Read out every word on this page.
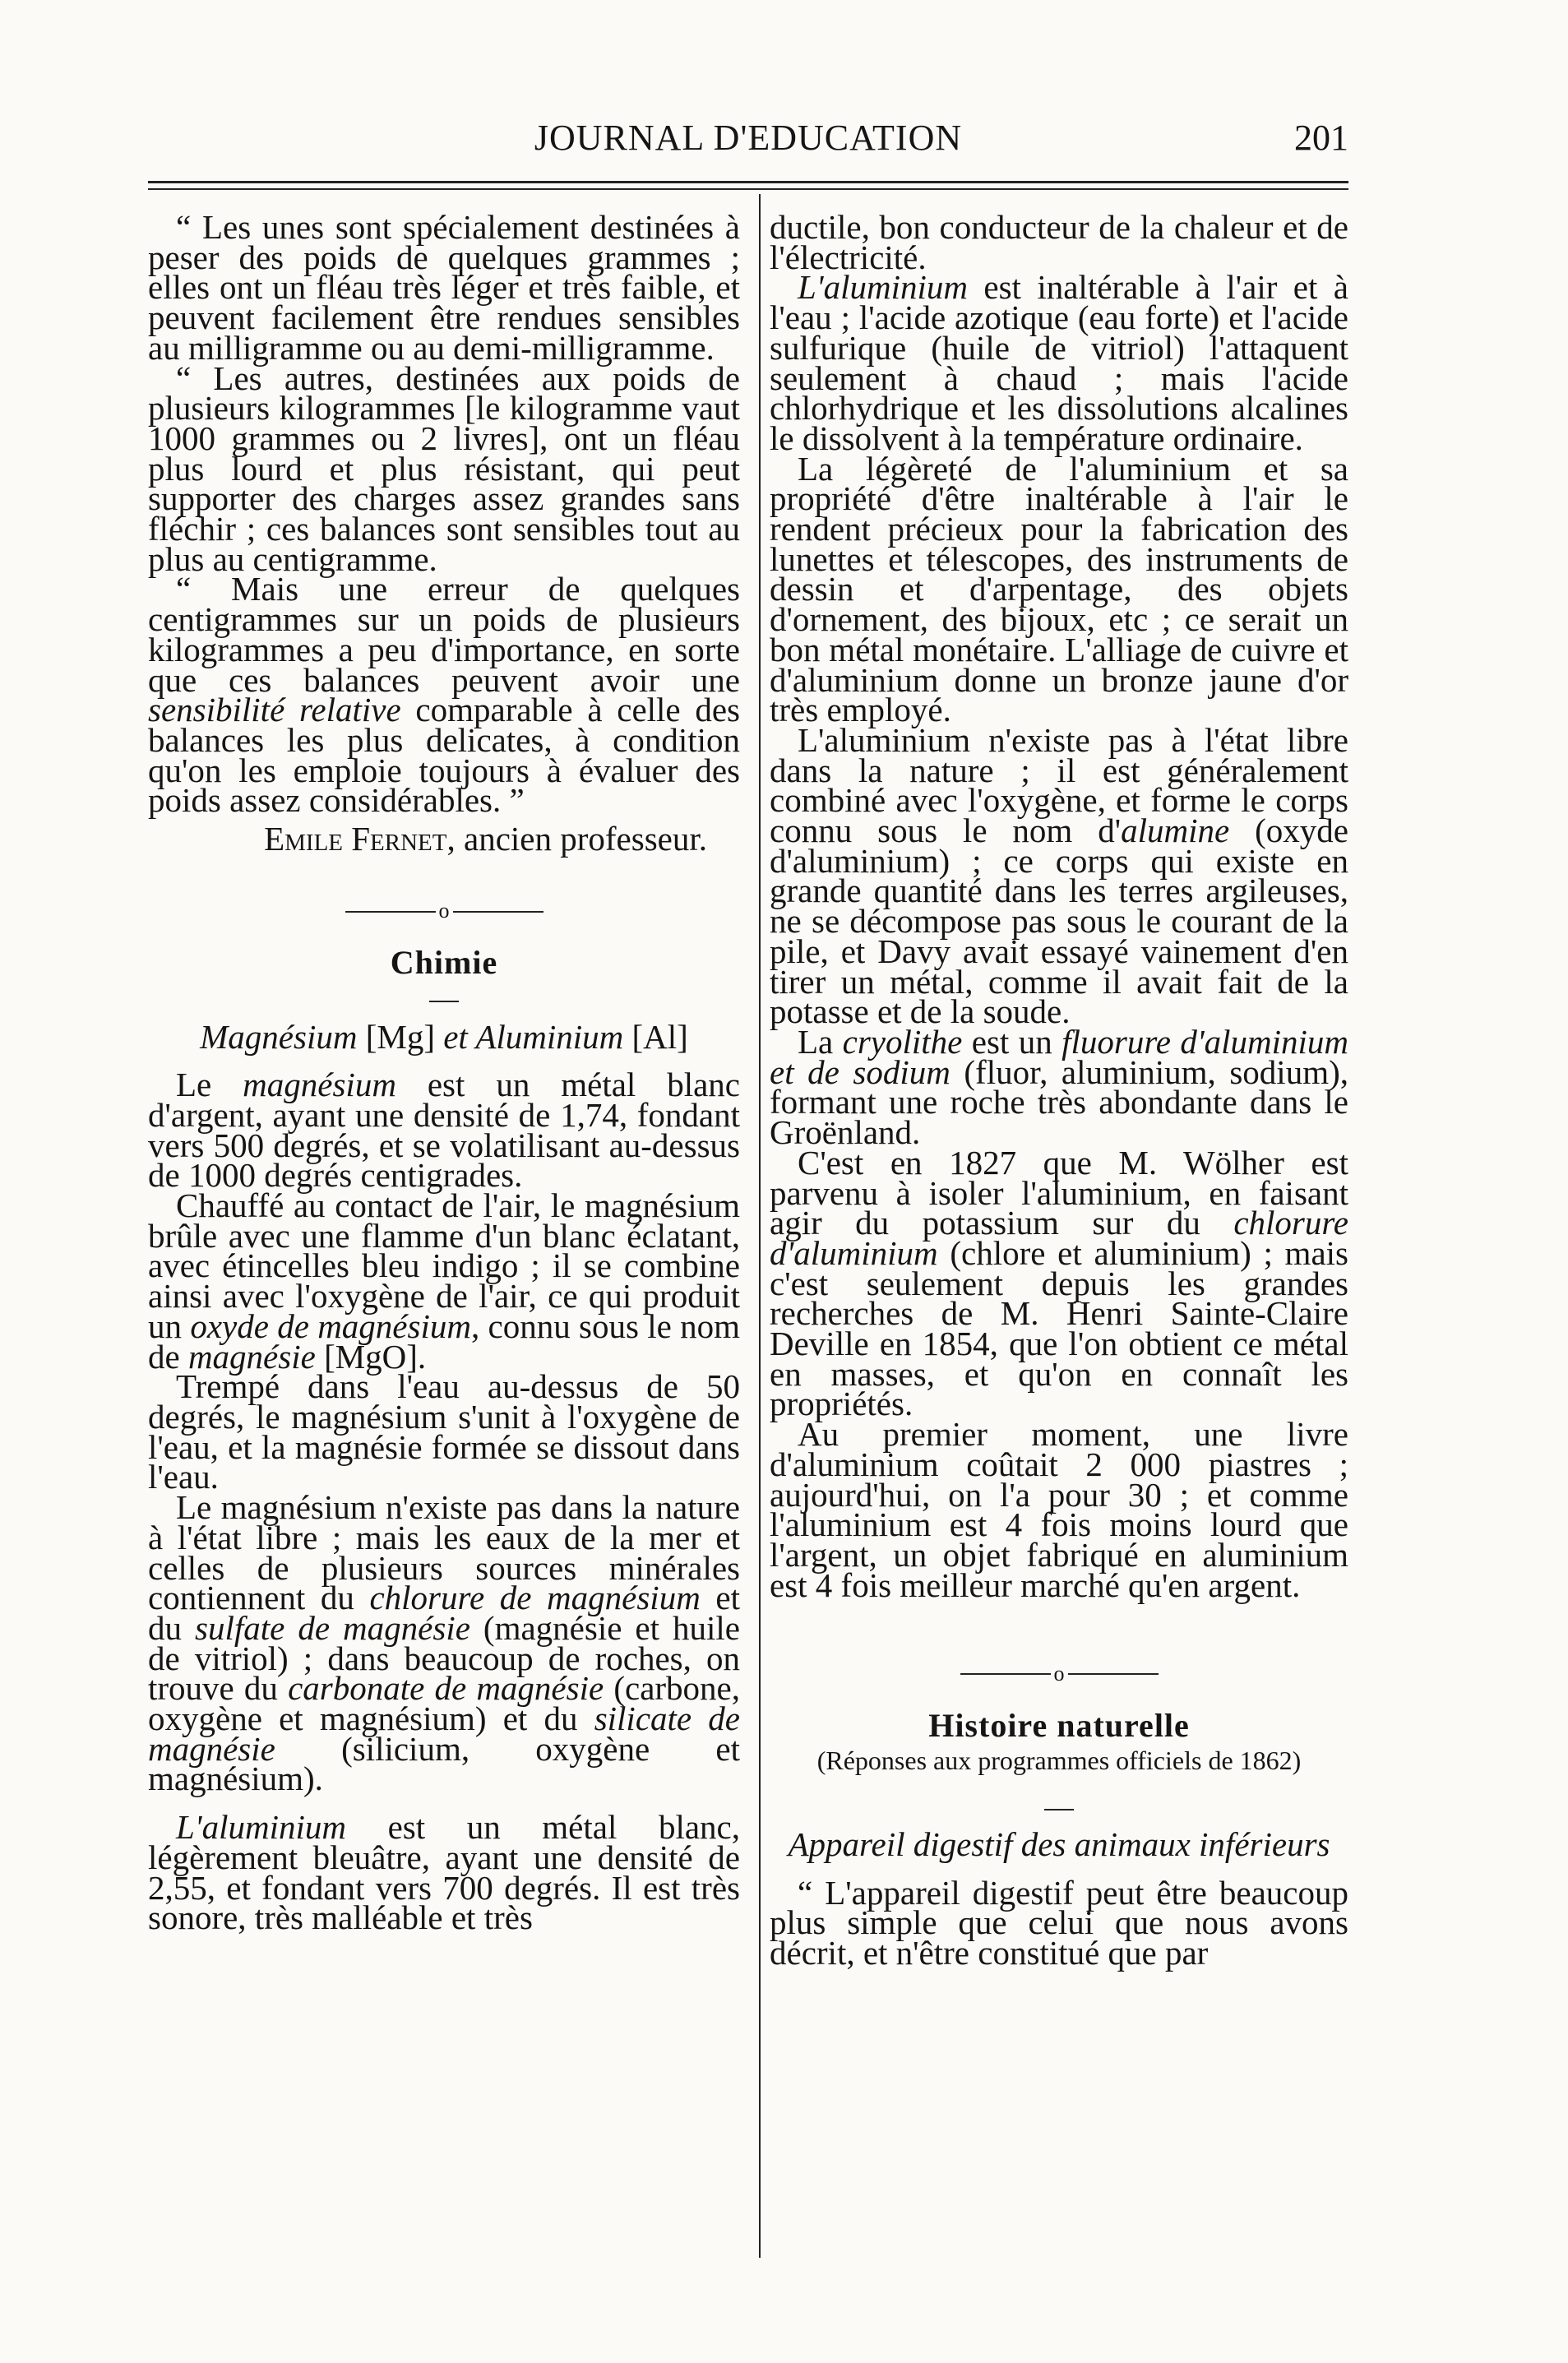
JOURNAL D'EDUCATION	201

“ Les unes sont spécialement destinées à peser des poids de quelques grammes ; elles ont un fléau très léger et très faible, et peuvent facilement être rendues sensibles au milligramme ou au demi-milligramme.

“ Les autres, destinées aux poids de plusieurs kilogrammes [le kilogramme vaut 1000 grammes ou 2 livres], ont un fléau plus lourd et plus résistant, qui peut supporter des charges assez grandes sans fléchir ; ces balances sont sensibles tout au plus au centigramme.

“ Mais une erreur de quelques centigrammes sur un poids de plusieurs kilogrammes a peu d'importance, en sorte que ces balances peuvent avoir une sensibilité relative comparable à celle des balances les plus delicates, à condition qu'on les emploie toujours à évaluer des poids assez considérables. ”

Emile Fernet, ancien professeur.

o
Chimie
Magnésium [Mg] et Aluminium [Al]

Le magnésium est un métal blanc d'argent, ayant une densité de 1,74, fondant vers 500 degrés, et se volatilisant au-dessus de 1000 degrés centigrades.

Chauffé au contact de l'air, le magnésium brûle avec une flamme d'un blanc éclatant, avec étincelles bleu indigo ; il se combine ainsi avec l'oxygène de l'air, ce qui produit un oxyde de magnésium, connu sous le nom de magnésie [MgO].

Trempé dans l'eau au-dessus de 50 degrés, le magnésium s'unit à l'oxygène de l'eau, et la magnésie formée se dissout dans l'eau.

Le magnésium n'existe pas dans la nature à l'état libre ; mais les eaux de la mer et celles de plusieurs sources minérales contiennent du chlorure de magnésium et du sulfate de magnésie (magnésie et huile de vitriol) ; dans beaucoup de roches, on trouve du carbonate de magnésie (carbone, oxygène et magnésium) et du silicate de magnésie (silicium, oxygène et magnésium).

L'aluminium est un métal blanc, légèrement bleuâtre, ayant une densité de 2,55, et fondant vers 700 degrés. Il est très sonore, très malléable et très

ductile, bon conducteur de la chaleur et de l'électricité.

L'aluminium est inaltérable à l'air et à l'eau ; l'acide azotique (eau forte) et l'acide sulfurique (huile de vitriol) l'attaquent seulement à chaud ; mais l'acide chlorhydrique et les dissolutions alcalines le dissolvent à la température ordinaire.

La légèreté de l'aluminium et sa propriété d'être inaltérable à l'air le rendent précieux pour la fabrication des lunettes et télescopes, des instruments de dessin et d'arpentage, des objets d'ornement, des bijoux, etc ; ce serait un bon métal monétaire. L'alliage de cuivre et d'aluminium donne un bronze jaune d'or très employé.

L'aluminium n'existe pas à l'état libre dans la nature ; il est généralement combiné avec l'oxygène, et forme le corps connu sous le nom d'alumine (oxyde d'aluminium) ; ce corps qui existe en grande quantité dans les terres argileuses, ne se décompose pas sous le courant de la pile, et Davy avait essayé vainement d'en tirer un métal, comme il avait fait de la potasse et de la soude.

La cryolithe est un fluorure d'aluminium et de sodium (fluor, aluminium, sodium), formant une roche très abondante dans le Groënland.

C'est en 1827 que M. Wölher est parvenu à isoler l'aluminium, en faisant agir du potassium sur du chlorure d'aluminium (chlore et aluminium) ; mais c'est seulement depuis les grandes recherches de M. Henri Sainte-Claire Deville en 1854, que l'on obtient ce métal en masses, et qu'on en connaît les propriétés.

Au premier moment, une livre d'aluminium coûtait 2 000 piastres ; aujourd'hui, on l'a pour 30 ; et comme l'aluminium est 4 fois moins lourd que l'argent, un objet fabriqué en aluminium est 4 fois meilleur marché qu'en argent.

o
Histoire naturelle
(Réponses aux programmes officiels de 1862)
Appareil digestif des animaux inférieurs

“ L'appareil digestif peut être beaucoup plus simple que celui que nous avons décrit, et n'être constitué que par
